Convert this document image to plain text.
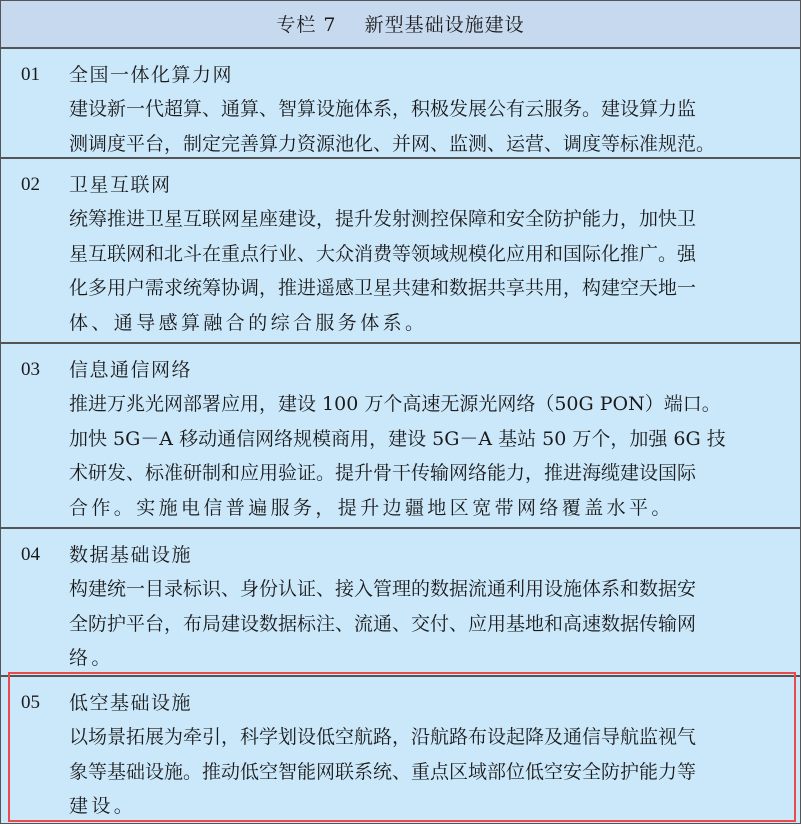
专栏 7 新型基础设施建设
01 全国一体化算力网
建设新一代超算、通算、智算设施体系，积极发展公有云服务。建设算力监
测调度平台，制定完善算力资源池化、并网、监测、运营、调度等标准规范。
02 卫星互联网
统筹推进卫星互联网星座建设，提升发射测控保障和安全防护能力，加快卫
星互联网和北斗在重点行业、大众消费等领域规模化应用和国际化推广。强
化多用户需求统筹协调，推进遥感卫星共建和数据共享共用，构建空天地一
体、通导感算融合的综合服务体系。
03 信息通信网络
推进万兆光网部署应用，建设 100 万个高速无源光网络（50G PON）端口。
加快 5G－A 移动通信网络规模商用，建设 5G－A 基站 50 万个，加强 6G 技
术研发、标准研制和应用验证。提升骨干传输网络能力，推进海缆建设国际
合作。实施电信普遍服务，提升边疆地区宽带网络覆盖水平。
04 数据基础设施
构建统一目录标识、身份认证、接入管理的数据流通利用设施体系和数据安
全防护平台，布局建设数据标注、流通、交付、应用基地和高速数据传输网
络。
05 低空基础设施
以场景拓展为牵引，科学划设低空航路，沿航路布设起降及通信导航监视气
象等基础设施。推动低空智能网联系统、重点区域部位低空安全防护能力等
建设。
